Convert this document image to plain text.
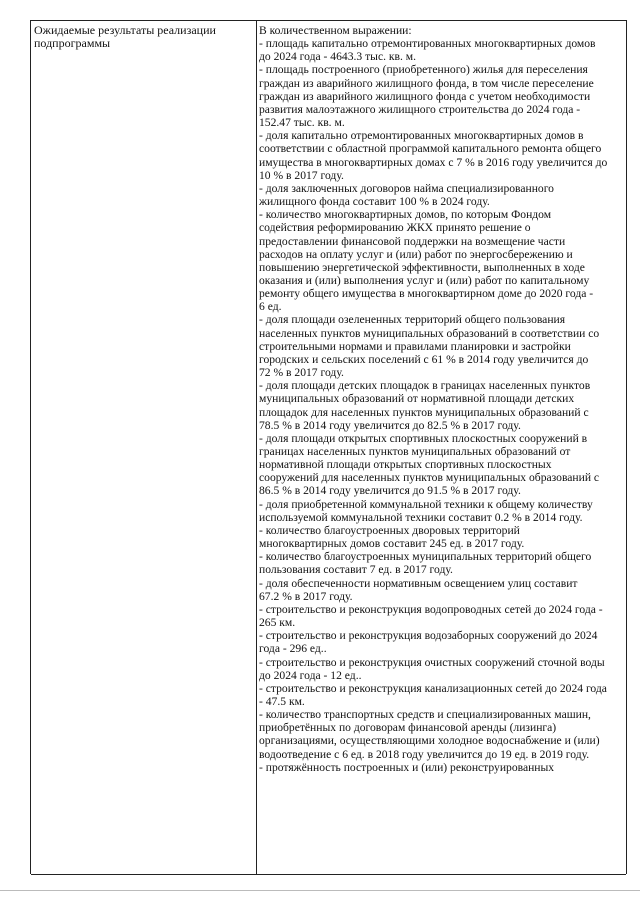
Ожидаемые результаты реализации подпрограммы
В количественном выражении:
- площадь капитально отремонтированных многоквартирных домов
до 2024 года - 4643.3 тыс. кв. м.
- площадь построенного (приобретенного) жилья для переселения
граждан из аварийного жилищного фонда, в том числе переселение
граждан из аварийного жилищного фонда с учетом необходимости
развития малоэтажного жилищного строительства до 2024 года -
152.47 тыс. кв. м.
- доля капитально отремонтированных многоквартирных домов в
соответствии с областной программой капитального ремонта общего
имущества в многоквартирных домах с 7 % в 2016 году увеличится до
10 % в 2017 году.
- доля заключенных договоров найма специализированного
жилищного фонда составит 100 % в 2024 году.
- количество многоквартирных домов, по которым Фондом
содействия реформированию ЖКХ принято решение о
предоставлении финансовой поддержки на возмещение части
расходов на оплату услуг и (или) работ по энергосбережению и
повышению энергетической эффективности, выполненных в ходе
оказания и (или) выполнения услуг и (или) работ по капитальному
ремонту общего имущества в многоквартирном доме до 2020 года -
6 ед.
- доля площади озелененных территорий общего пользования
населенных пунктов муниципальных образований в соответствии со
строительными нормами и правилами планировки и застройки
городских и сельских поселений с 61 % в 2014 году увеличится до
72 % в 2017 году.
- доля площади детских площадок в границах населенных пунктов
муниципальных образований от нормативной площади детских
площадок для населенных пунктов муниципальных образований с
78.5 % в 2014 году увеличится до 82.5 % в 2017 году.
- доля площади открытых спортивных плоскостных сооружений в
границах населенных пунктов муниципальных образований от
нормативной площади открытых спортивных плоскостных
сооружений для населенных пунктов муниципальных образований с
86.5 % в 2014 году увеличится до 91.5 % в 2017 году.
- доля приобретенной коммунальной техники к общему количеству
используемой коммунальной техники составит 0.2 % в 2014 году.
- количество благоустроенных дворовых территорий
многоквартирных домов составит 245 ед. в 2017 году.
- количество благоустроенных муниципальных территорий общего
пользования составит 7 ед. в 2017 году.
- доля обеспеченности нормативным освещением улиц составит
67.2 % в 2017 году.
- строительство и реконструкция водопроводных сетей до 2024 года -
265 км.
- строительство и реконструкция водозаборных сооружений до 2024
года - 296 ед..
- строительство и реконструкция очистных сооружений сточной воды
до 2024 года - 12 ед..
- строительство и реконструкция канализационных сетей до 2024 года
- 47.5 км.
- количество транспортных средств и специализированных машин,
приобретённых по договорам финансовой аренды (лизинга)
организациями, осуществляющими холодное водоснабжение и (или)
водоотведение с 6 ед. в 2018 году увеличится до 19 ед. в 2019 году.
- протяжённость построенных и (или) реконструированных
